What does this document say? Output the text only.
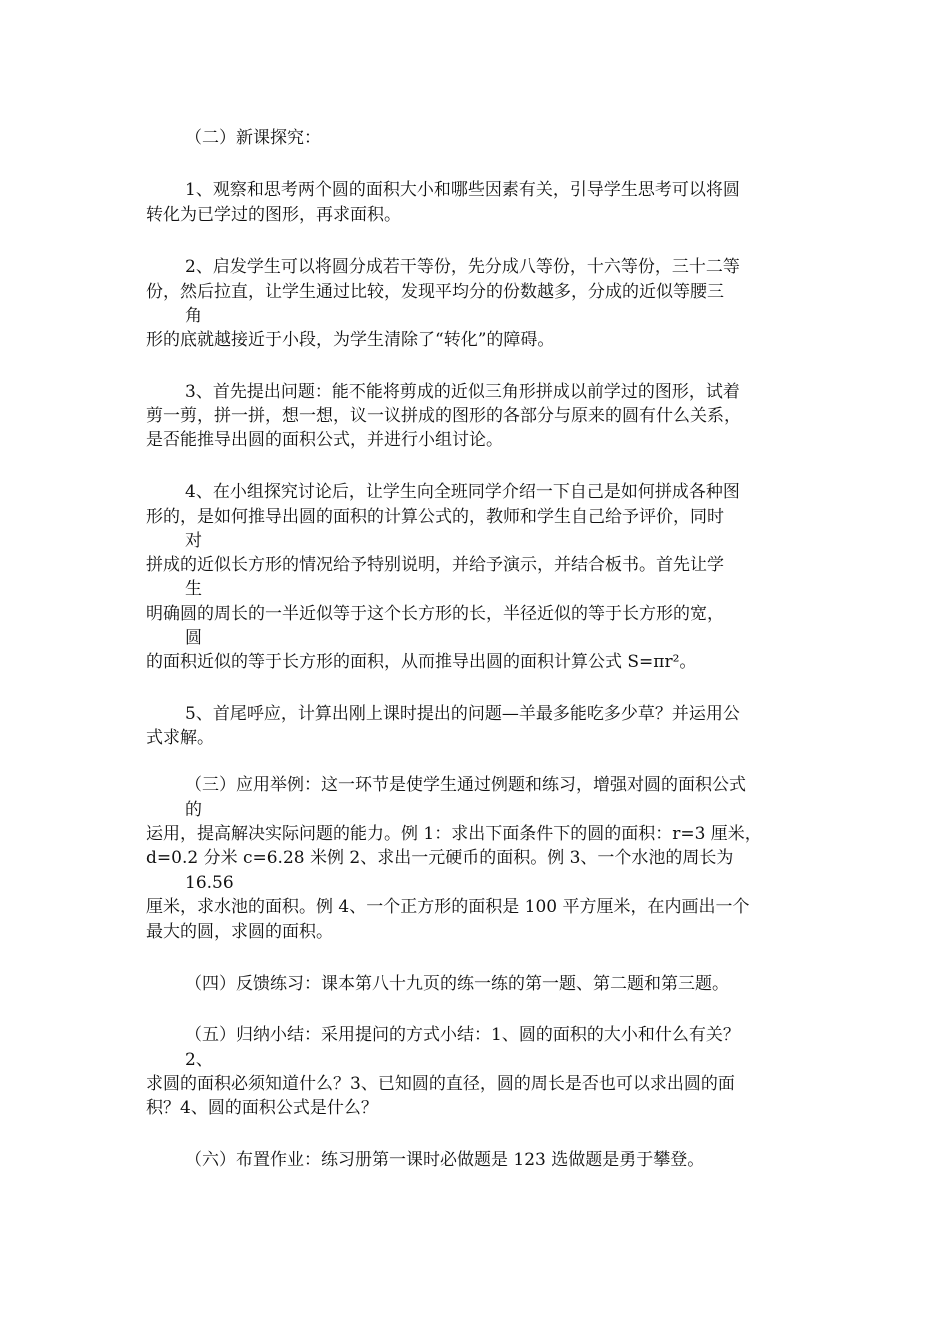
（二）新课探究：
1、观察和思考两个圆的面积大小和哪些因素有关，引导学生思考可以将圆
转化为已学过的图形，再求面积。
2、启发学生可以将圆分成若干等份，先分成八等份，十六等份，三十二等
份，然后拉直，让学生通过比较，发现平均分的份数越多，分成的近似等腰三
角
形的底就越接近于小段，为学生清除了“转化”的障碍。
3、首先提出问题：能不能将剪成的近似三角形拼成以前学过的图形，试着
剪一剪，拼一拼，想一想，议一议拼成的图形的各部分与原来的圆有什么关系，
是否能推导出圆的面积公式，并进行小组讨论。
4、在小组探究讨论后，让学生向全班同学介绍一下自己是如何拼成各种图
形的，是如何推导出圆的面积的计算公式的，教师和学生自己给予评价，同时
对
拼成的近似长方形的情况给予特别说明，并给予演示，并结合板书。首先让学
生
明确圆的周长的一半近似等于这个长方形的长，半径近似的等于长方形的宽，
圆
的面积近似的等于长方形的面积，从而推导出圆的面积计算公式 S=πr²。
5、首尾呼应，计算出刚上课时提出的问题—羊最多能吃多少草？并运用公
式求解。
（三）应用举例：这一环节是使学生通过例题和练习，增强对圆的面积公式
的
运用，提高解决实际问题的能力。例 1：求出下面条件下的圆的面积：r=3 厘米，
d=0.2 分米 c=6.28 米例 2、求出一元硬币的面积。例 3、一个水池的周长为
16.56
厘米，求水池的面积。例 4、一个正方形的面积是 100 平方厘米，在内画出一个
最大的圆，求圆的面积。
（四）反馈练习：课本第八十九页的练一练的第一题、第二题和第三题。
（五）归纳小结：采用提问的方式小结：1、圆的面积的大小和什么有关？
2、
求圆的面积必须知道什么？3、已知圆的直径，圆的周长是否也可以求出圆的面
积？4、圆的面积公式是什么？
（六）布置作业：练习册第一课时必做题是 123 选做题是勇于攀登。
